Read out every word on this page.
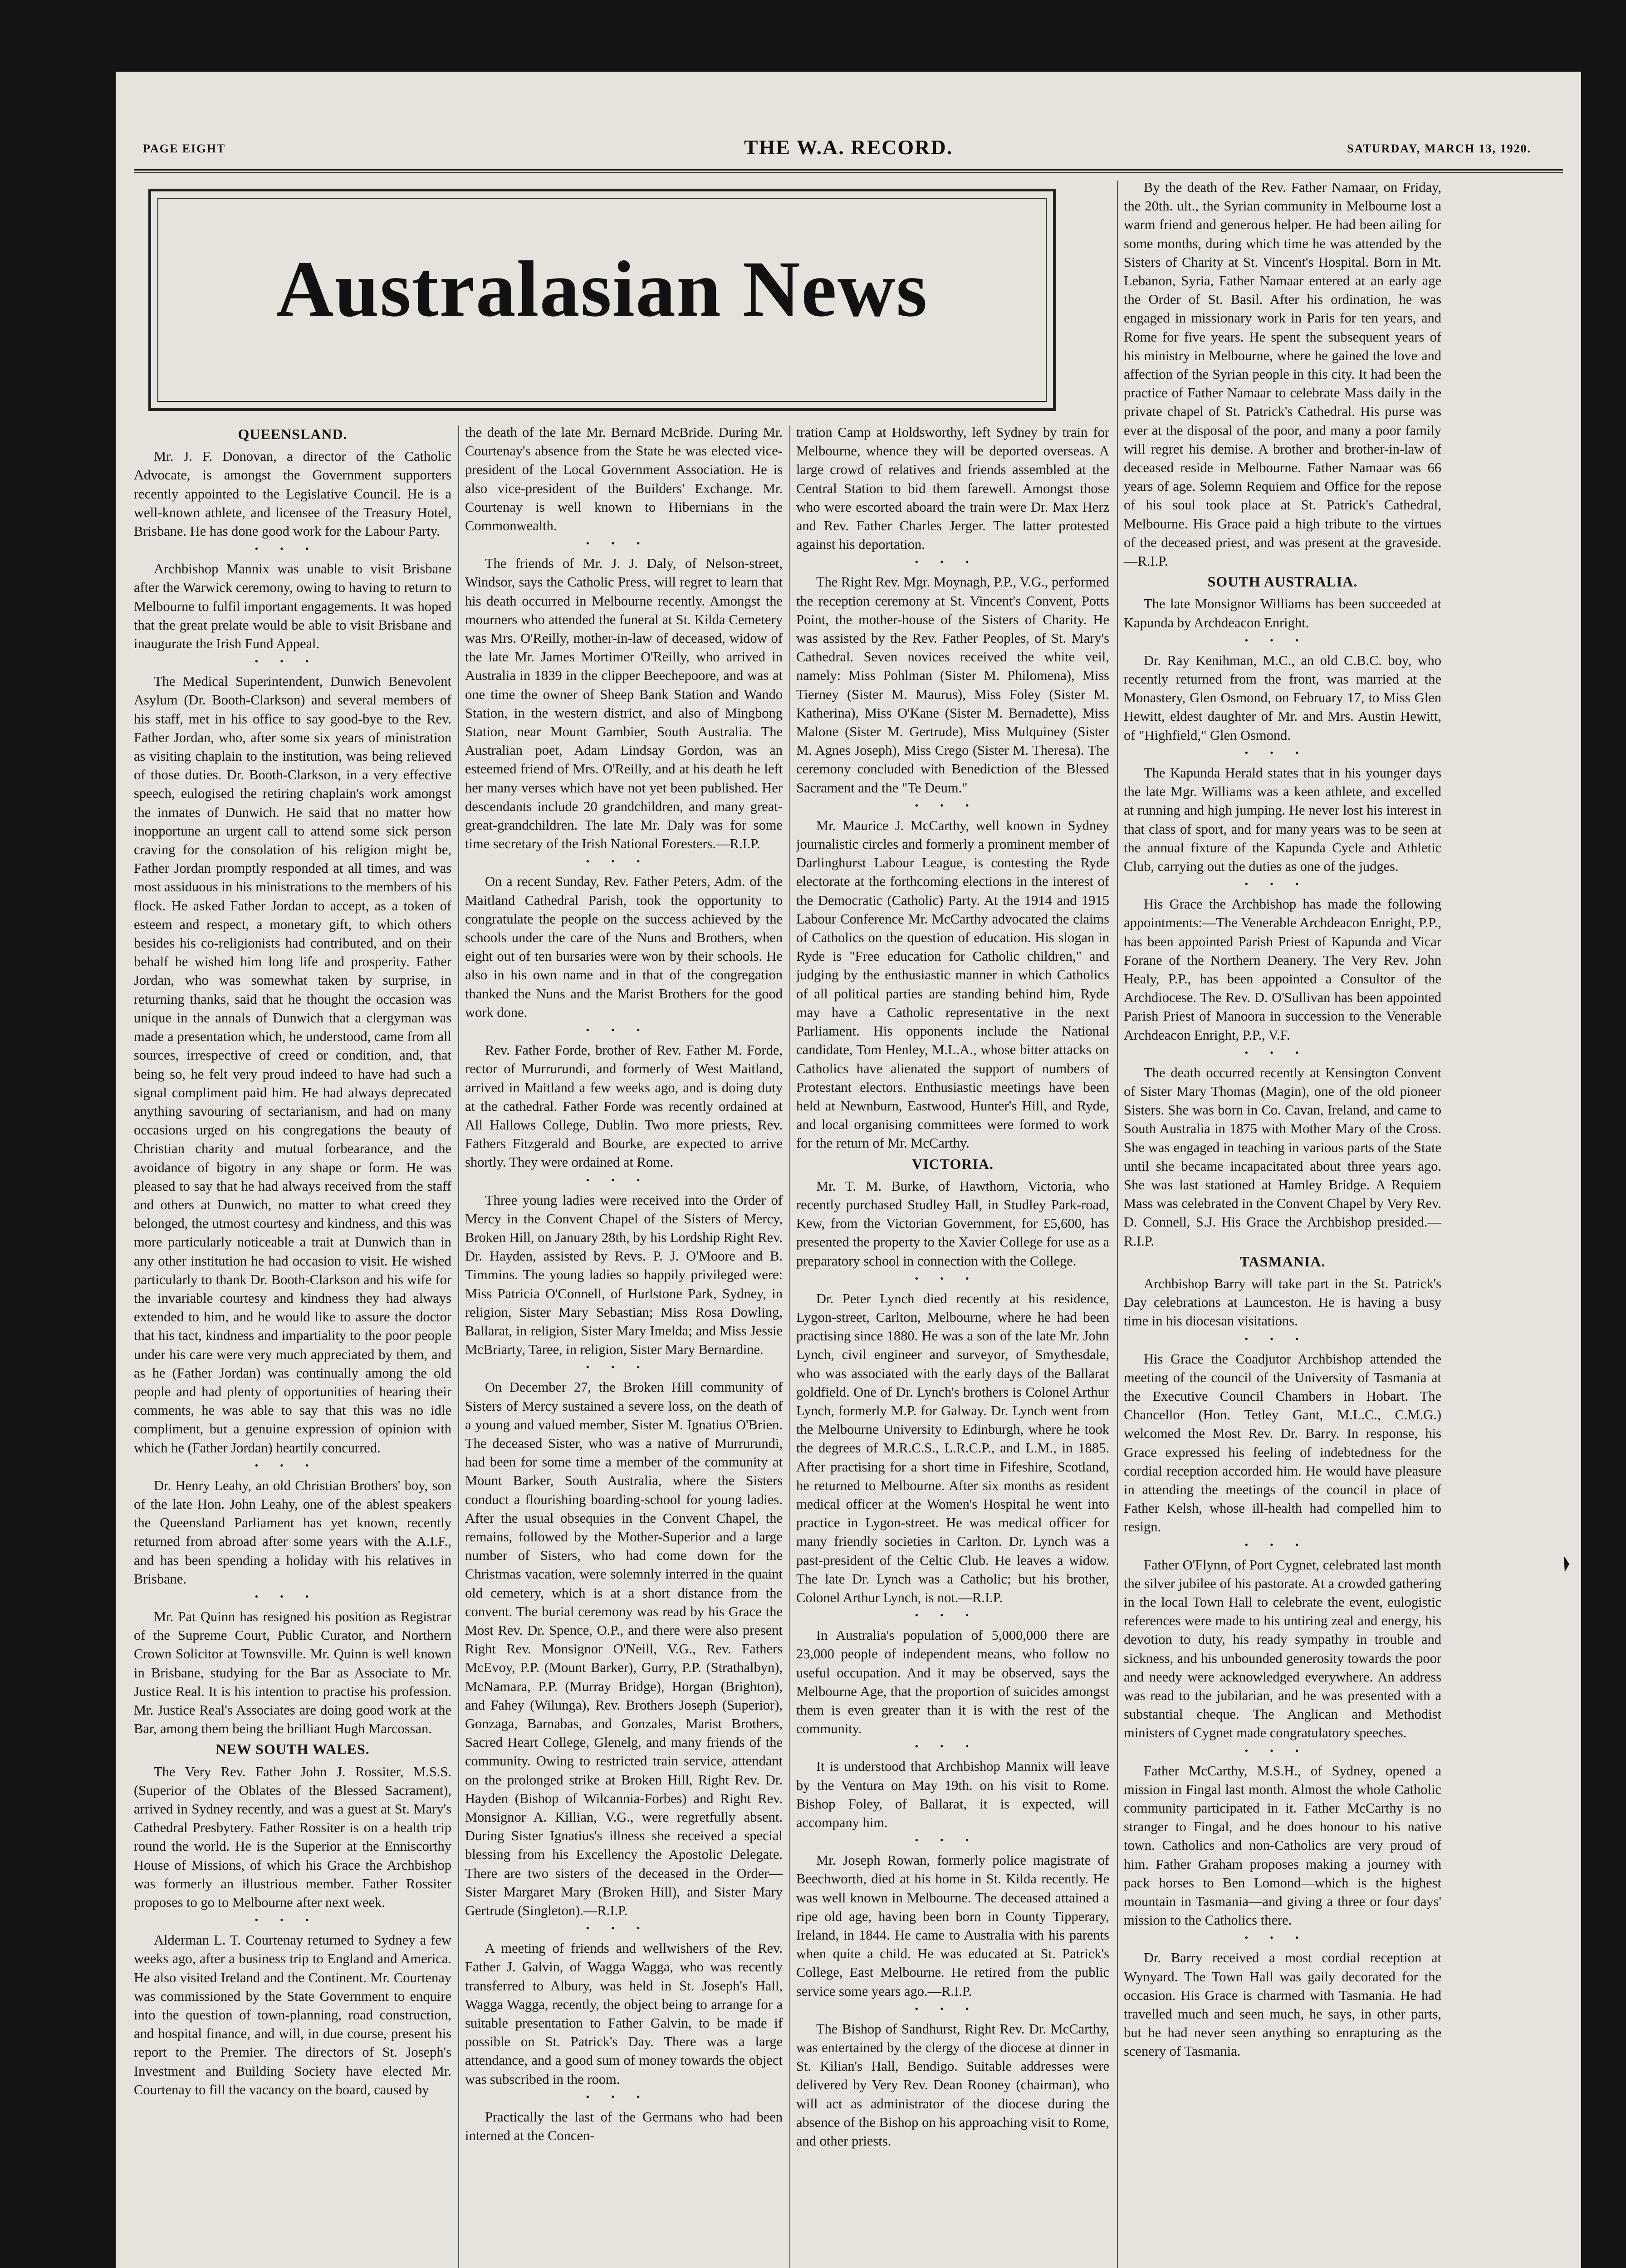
PAGE EIGHT	THE W.A. RECORD.	SATURDAY, MARCH 13, 1920.
Australasian News
QUEENSLAND.

Mr. J. F. Donovan, a director of the Catholic Advocate, is amongst the Government supporters recently appointed to the Legislative Council. He is a well-known athlete, and licensee of the Treasury Hotel, Brisbane. He has done good work for the Labour Party.

•••

Archbishop Mannix was unable to visit Brisbane after the Warwick ceremony, owing to having to return to Melbourne to fulfil important engagements. It was hoped that the great prelate would be able to visit Brisbane and inaugurate the Irish Fund Appeal.

•••

The Medical Superintendent, Dunwich Benevolent Asylum (Dr. Booth-Clarkson) and several members of his staff, met in his office to say good-bye to the Rev. Father Jordan, who, after some six years of ministration as visiting chaplain to the institution, was being relieved of those duties. Dr. Booth-Clarkson, in a very effective speech, eulogised the retiring chaplain's work amongst the inmates of Dunwich. He said that no matter how inopportune an urgent call to attend some sick person craving for the consolation of his religion might be, Father Jordan promptly responded at all times, and was most assiduous in his ministrations to the members of his flock. He asked Father Jordan to accept, as a token of esteem and respect, a monetary gift, to which others besides his co-religionists had contributed, and on their behalf he wished him long life and prosperity. Father Jordan, who was somewhat taken by surprise, in returning thanks, said that he thought the occasion was unique in the annals of Dunwich that a clergyman was made a presentation which, he understood, came from all sources, irrespective of creed or condition, and, that being so, he felt very proud indeed to have had such a signal compliment paid him. He had always deprecated anything savouring of sectarianism, and had on many occasions urged on his congregations the beauty of Christian charity and mutual forbearance, and the avoidance of bigotry in any shape or form. He was pleased to say that he had always received from the staff and others at Dunwich, no matter to what creed they belonged, the utmost courtesy and kindness, and this was more particularly noticeable a trait at Dunwich than in any other institution he had occasion to visit. He wished particularly to thank Dr. Booth-Clarkson and his wife for the invariable courtesy and kindness they had always extended to him, and he would like to assure the doctor that his tact, kindness and impartiality to the poor people under his care were very much appreciated by them, and as he (Father Jordan) was continually among the old people and had plenty of opportunities of hearing their comments, he was able to say that this was no idle compliment, but a genuine expression of opinion with which he (Father Jordan) heartily concurred.

•••

Dr. Henry Leahy, an old Christian Brothers' boy, son of the late Hon. John Leahy, one of the ablest speakers the Queensland Parliament has yet known, recently returned from abroad after some years with the A.I.F., and has been spending a holiday with his relatives in Brisbane.

•••

Mr. Pat Quinn has resigned his position as Registrar of the Supreme Court, Public Curator, and Northern Crown Solicitor at Townsville. Mr. Quinn is well known in Brisbane, studying for the Bar as Associate to Mr. Justice Real. It is his intention to practise his profession. Mr. Justice Real's Associates are doing good work at the Bar, among them being the brilliant Hugh Marcossan.

NEW SOUTH WALES.

The Very Rev. Father John J. Rossiter, M.S.S. (Superior of the Oblates of the Blessed Sacrament), arrived in Sydney recently, and was a guest at St. Mary's Cathedral Presbytery. Father Rossiter is on a health trip round the world. He is the Superior at the Enniscorthy House of Missions, of which his Grace the Archbishop was formerly an illustrious member. Father Rossiter proposes to go to Melbourne after next week.

•••

Alderman L. T. Courtenay returned to Sydney a few weeks ago, after a business trip to England and America. He also visited Ireland and the Continent. Mr. Courtenay was commissioned by the State Government to enquire into the question of town-planning, road construction, and hospital finance, and will, in due course, present his report to the Premier. The directors of St. Joseph's Investment and Building Society have elected Mr. Courtenay to fill the vacancy on the board, caused by

the death of the late Mr. Bernard McBride. During Mr. Courtenay's absence from the State he was elected vice-president of the Local Government Association. He is also vice-president of the Builders' Exchange. Mr. Courtenay is well known to Hibernians in the Commonwealth.

•••

The friends of Mr. J. J. Daly, of Nelson-street, Windsor, says the Catholic Press, will regret to learn that his death occurred in Melbourne recently. Amongst the mourners who attended the funeral at St. Kilda Cemetery was Mrs. O'Reilly, mother-in-law of deceased, widow of the late Mr. James Mortimer O'Reilly, who arrived in Australia in 1839 in the clipper Beechepoore, and was at one time the owner of Sheep Bank Station and Wando Station, in the western district, and also of Mingbong Station, near Mount Gambier, South Australia. The Australian poet, Adam Lindsay Gordon, was an esteemed friend of Mrs. O'Reilly, and at his death he left her many verses which have not yet been published. Her descendants include 20 grandchildren, and many great-great-grandchildren. The late Mr. Daly was for some time secretary of the Irish National Foresters.—R.I.P.

•••

On a recent Sunday, Rev. Father Peters, Adm. of the Maitland Cathedral Parish, took the opportunity to congratulate the people on the success achieved by the schools under the care of the Nuns and Brothers, when eight out of ten bursaries were won by their schools. He also in his own name and in that of the congregation thanked the Nuns and the Marist Brothers for the good work done.

•••

Rev. Father Forde, brother of Rev. Father M. Forde, rector of Murrurundi, and formerly of West Maitland, arrived in Maitland a few weeks ago, and is doing duty at the cathedral. Father Forde was recently ordained at All Hallows College, Dublin. Two more priests, Rev. Fathers Fitzgerald and Bourke, are expected to arrive shortly. They were ordained at Rome.

•••

Three young ladies were received into the Order of Mercy in the Convent Chapel of the Sisters of Mercy, Broken Hill, on January 28th, by his Lordship Right Rev. Dr. Hayden, assisted by Revs. P. J. O'Moore and B. Timmins. The young ladies so happily privileged were: Miss Patricia O'Connell, of Hurlstone Park, Sydney, in religion, Sister Mary Sebastian; Miss Rosa Dowling, Ballarat, in religion, Sister Mary Imelda; and Miss Jessie McBriarty, Taree, in religion, Sister Mary Bernardine.

•••

On December 27, the Broken Hill community of Sisters of Mercy sustained a severe loss, on the death of a young and valued member, Sister M. Ignatius O'Brien. The deceased Sister, who was a native of Murrurundi, had been for some time a member of the community at Mount Barker, South Australia, where the Sisters conduct a flourishing boarding-school for young ladies. After the usual obsequies in the Convent Chapel, the remains, followed by the Mother-Superior and a large number of Sisters, who had come down for the Christmas vacation, were solemnly interred in the quaint old cemetery, which is at a short distance from the convent. The burial ceremony was read by his Grace the Most Rev. Dr. Spence, O.P., and there were also present Right Rev. Monsignor O'Neill, V.G., Rev. Fathers McEvoy, P.P. (Mount Barker), Gurry, P.P. (Strathalbyn), McNamara, P.P. (Murray Bridge), Horgan (Brighton), and Fahey (Wilunga), Rev. Brothers Joseph (Superior), Gonzaga, Barnabas, and Gonzales, Marist Brothers, Sacred Heart College, Glenelg, and many friends of the community. Owing to restricted train service, attendant on the prolonged strike at Broken Hill, Right Rev. Dr. Hayden (Bishop of Wilcannia-Forbes) and Right Rev. Monsignor A. Killian, V.G., were regretfully absent. During Sister Ignatius's illness she received a special blessing from his Excellency the Apostolic Delegate. There are two sisters of the deceased in the Order—Sister Margaret Mary (Broken Hill), and Sister Mary Gertrude (Singleton).—R.I.P.

•••

A meeting of friends and wellwishers of the Rev. Father J. Galvin, of Wagga Wagga, who was recently transferred to Albury, was held in St. Joseph's Hall, Wagga Wagga, recently, the object being to arrange for a suitable presentation to Father Galvin, to be made if possible on St. Patrick's Day. There was a large attendance, and a good sum of money towards the object was subscribed in the room.

•••

Practically the last of the Germans who had been interned at the Concen-

tration Camp at Holdsworthy, left Sydney by train for Melbourne, whence they will be deported overseas. A large crowd of relatives and friends assembled at the Central Station to bid them farewell. Amongst those who were escorted aboard the train were Dr. Max Herz and Rev. Father Charles Jerger. The latter protested against his deportation.

•••

The Right Rev. Mgr. Moynagh, P.P., V.G., performed the reception ceremony at St. Vincent's Convent, Potts Point, the mother-house of the Sisters of Charity. He was assisted by the Rev. Father Peoples, of St. Mary's Cathedral. Seven novices received the white veil, namely: Miss Pohlman (Sister M. Philomena), Miss Tierney (Sister M. Maurus), Miss Foley (Sister M. Katherina), Miss O'Kane (Sister M. Bernadette), Miss Malone (Sister M. Gertrude), Miss Mulquiney (Sister M. Agnes Joseph), Miss Crego (Sister M. Theresa). The ceremony concluded with Benediction of the Blessed Sacrament and the "Te Deum."

•••

Mr. Maurice J. McCarthy, well known in Sydney journalistic circles and formerly a prominent member of Darlinghurst Labour League, is contesting the Ryde electorate at the forthcoming elections in the interest of the Democratic (Catholic) Party. At the 1914 and 1915 Labour Conference Mr. McCarthy advocated the claims of Catholics on the question of education. His slogan in Ryde is "Free education for Catholic children," and judging by the enthusiastic manner in which Catholics of all political parties are standing behind him, Ryde may have a Catholic representative in the next Parliament. His opponents include the National candidate, Tom Henley, M.L.A., whose bitter attacks on Catholics have alienated the support of numbers of Protestant electors. Enthusiastic meetings have been held at Newnburn, Eastwood, Hunter's Hill, and Ryde, and local organising committees were formed to work for the return of Mr. McCarthy.

VICTORIA.

Mr. T. M. Burke, of Hawthorn, Victoria, who recently purchased Studley Hall, in Studley Park-road, Kew, from the Victorian Government, for £5,600, has presented the property to the Xavier College for use as a preparatory school in connection with the College.

•••

Dr. Peter Lynch died recently at his residence, Lygon-street, Carlton, Melbourne, where he had been practising since 1880. He was a son of the late Mr. John Lynch, civil engineer and surveyor, of Smythesdale, who was associated with the early days of the Ballarat goldfield. One of Dr. Lynch's brothers is Colonel Arthur Lynch, formerly M.P. for Galway. Dr. Lynch went from the Melbourne University to Edinburgh, where he took the degrees of M.R.C.S., L.R.C.P., and L.M., in 1885. After practising for a short time in Fifeshire, Scotland, he returned to Melbourne. After six months as resident medical officer at the Women's Hospital he went into practice in Lygon-street. He was medical officer for many friendly societies in Carlton. Dr. Lynch was a past-president of the Celtic Club. He leaves a widow. The late Dr. Lynch was a Catholic; but his brother, Colonel Arthur Lynch, is not.—R.I.P.

•••

In Australia's population of 5,000,000 there are 23,000 people of independent means, who follow no useful occupation. And it may be observed, says the Melbourne Age, that the proportion of suicides amongst them is even greater than it is with the rest of the community.

•••

It is understood that Archbishop Mannix will leave by the Ventura on May 19th. on his visit to Rome. Bishop Foley, of Ballarat, it is expected, will accompany him.

•••

Mr. Joseph Rowan, formerly police magistrate of Beechworth, died at his home in St. Kilda recently. He was well known in Melbourne. The deceased attained a ripe old age, having been born in County Tipperary, Ireland, in 1844. He came to Australia with his parents when quite a child. He was educated at St. Patrick's College, East Melbourne. He retired from the public service some years ago.—R.I.P.

•••

The Bishop of Sandhurst, Right Rev. Dr. McCarthy, was entertained by the clergy of the diocese at dinner in St. Kilian's Hall, Bendigo. Suitable addresses were delivered by Very Rev. Dean Rooney (chairman), who will act as administrator of the diocese during the absence of the Bishop on his approaching visit to Rome, and other priests.

By the death of the Rev. Father Namaar, on Friday, the 20th. ult., the Syrian community in Melbourne lost a warm friend and generous helper. He had been ailing for some months, during which time he was attended by the Sisters of Charity at St. Vincent's Hospital. Born in Mt. Lebanon, Syria, Father Namaar entered at an early age the Order of St. Basil. After his ordination, he was engaged in missionary work in Paris for ten years, and Rome for five years. He spent the subsequent years of his ministry in Melbourne, where he gained the love and affection of the Syrian people in this city. It had been the practice of Father Namaar to celebrate Mass daily in the private chapel of St. Patrick's Cathedral. His purse was ever at the disposal of the poor, and many a poor family will regret his demise. A brother and brother-in-law of deceased reside in Melbourne. Father Namaar was 66 years of age. Solemn Requiem and Office for the repose of his soul took place at St. Patrick's Cathedral, Melbourne. His Grace paid a high tribute to the virtues of the deceased priest, and was present at the graveside.—R.I.P.

SOUTH AUSTRALIA.

The late Monsignor Williams has been succeeded at Kapunda by Archdeacon Enright.

•••

Dr. Ray Kenihman, M.C., an old C.B.C. boy, who recently returned from the front, was married at the Monastery, Glen Osmond, on February 17, to Miss Glen Hewitt, eldest daughter of Mr. and Mrs. Austin Hewitt, of "Highfield," Glen Osmond.

•••

The Kapunda Herald states that in his younger days the late Mgr. Williams was a keen athlete, and excelled at running and high jumping. He never lost his interest in that class of sport, and for many years was to be seen at the annual fixture of the Kapunda Cycle and Athletic Club, carrying out the duties as one of the judges.

•••

His Grace the Archbishop has made the following appointments:—The Venerable Archdeacon Enright, P.P., has been appointed Parish Priest of Kapunda and Vicar Forane of the Northern Deanery. The Very Rev. John Healy, P.P., has been appointed a Consultor of the Archdiocese. The Rev. D. O'Sullivan has been appointed Parish Priest of Manoora in succession to the Venerable Archdeacon Enright, P.P., V.F.

•••

The death occurred recently at Kensington Convent of Sister Mary Thomas (Magin), one of the old pioneer Sisters. She was born in Co. Cavan, Ireland, and came to South Australia in 1875 with Mother Mary of the Cross. She was engaged in teaching in various parts of the State until she became incapacitated about three years ago. She was last stationed at Hamley Bridge. A Requiem Mass was celebrated in the Convent Chapel by Very Rev. D. Connell, S.J. His Grace the Archbishop presided.—R.I.P.

TASMANIA.

Archbishop Barry will take part in the St. Patrick's Day celebrations at Launceston. He is having a busy time in his diocesan visitations.

•••

His Grace the Coadjutor Archbishop attended the meeting of the council of the University of Tasmania at the Executive Council Chambers in Hobart. The Chancellor (Hon. Tetley Gant, M.L.C., C.M.G.) welcomed the Most Rev. Dr. Barry. In response, his Grace expressed his feeling of indebtedness for the cordial reception accorded him. He would have pleasure in attending the meetings of the council in place of Father Kelsh, whose ill-health had compelled him to resign.

•••

Father O'Flynn, of Port Cygnet, celebrated last month the silver jubilee of his pastorate. At a crowded gathering in the local Town Hall to celebrate the event, eulogistic references were made to his untiring zeal and energy, his devotion to duty, his ready sympathy in trouble and sickness, and his unbounded generosity towards the poor and needy were acknowledged everywhere. An address was read to the jubilarian, and he was presented with a substantial cheque. The Anglican and Methodist ministers of Cygnet made congratulatory speeches.

•••

Father McCarthy, M.S.H., of Sydney, opened a mission in Fingal last month. Almost the whole Catholic community participated in it. Father McCarthy is no stranger to Fingal, and he does honour to his native town. Catholics and non-Catholics are very proud of him. Father Graham proposes making a journey with pack horses to Ben Lomond—which is the highest mountain in Tasmania—and giving a three or four days' mission to the Catholics there.

•••

Dr. Barry received a most cordial reception at Wynyard. The Town Hall was gaily decorated for the occasion. His Grace is charmed with Tasmania. He had travelled much and seen much, he says, in other parts, but he had never seen anything so enrapturing as the scenery of Tasmania.
